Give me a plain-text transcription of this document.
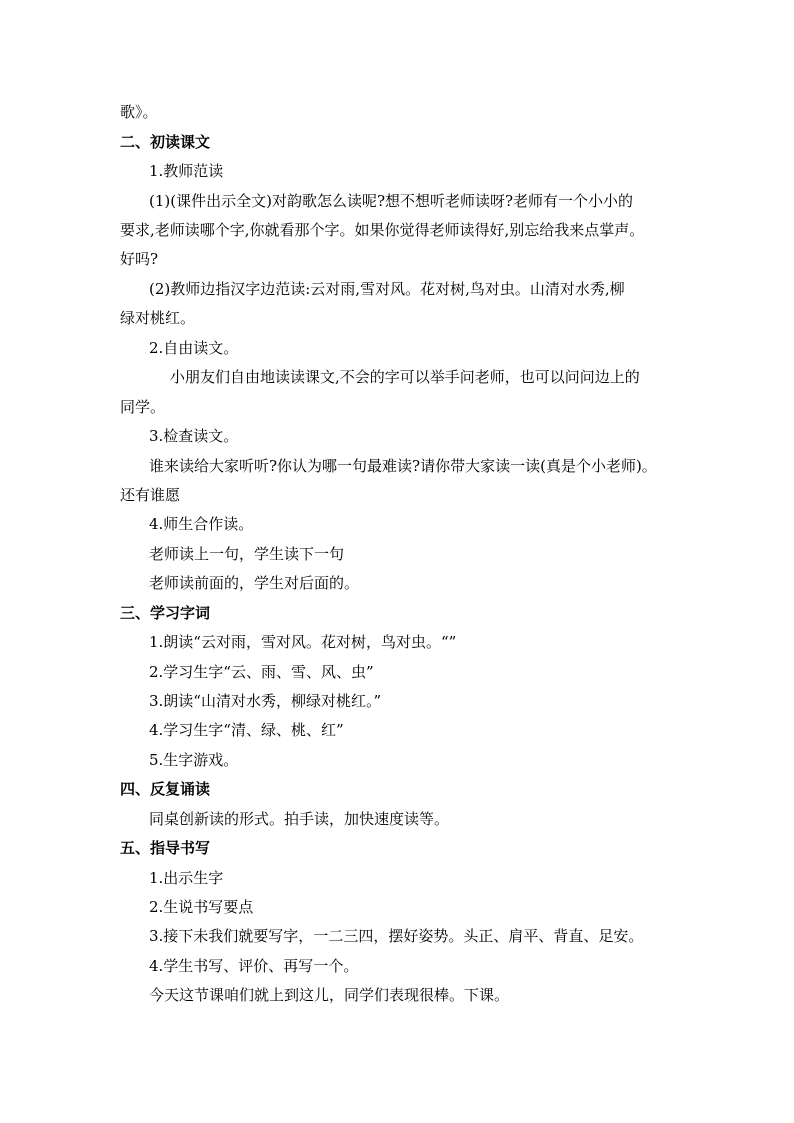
歌》。
二、初读课文
1.教师范读
(1)(课件出示全文)对韵歌怎么读呢?想不想听老师读呀?老师有一个小小的
要求,老师读哪个字,你就看那个字。如果你觉得老师读得好,别忘给我来点掌声。
好吗?
(2)教师边指汉字边范读:云对雨,雪对风。花对树,鸟对虫。山清对水秀,柳
绿对桃红。
2.自由读文。
小朋友们自由地读读课文,不会的字可以举手问老师，也可以问问边上的
同学。
3.检查读文。
谁来读给大家听听?你认为哪一句最难读?请你带大家读一读(真是个小老师)。
还有谁愿
4.师生合作读。
老师读上一句，学生读下一句
老师读前面的，学生对后面的。
三、学习字词
1.朗读“云对雨，雪对风。花对树，鸟对虫。“”
2.学习生字“云、雨、雪、风、虫”
3.朗读“山清对水秀，柳绿对桃红。”
4.学习生字“清、绿、桃、红”
5.生字游戏。
四、反复诵读
同桌创新读的形式。拍手读，加快速度读等。
五、指导书写
1.出示生字
2.生说书写要点
3.接下未我们就要写字，一二三四，摆好姿势。头正、肩平、背直、足安。
4.学生书写、评价、再写一个。
今天这节课咱们就上到这儿，同学们表现很棒。下课。
